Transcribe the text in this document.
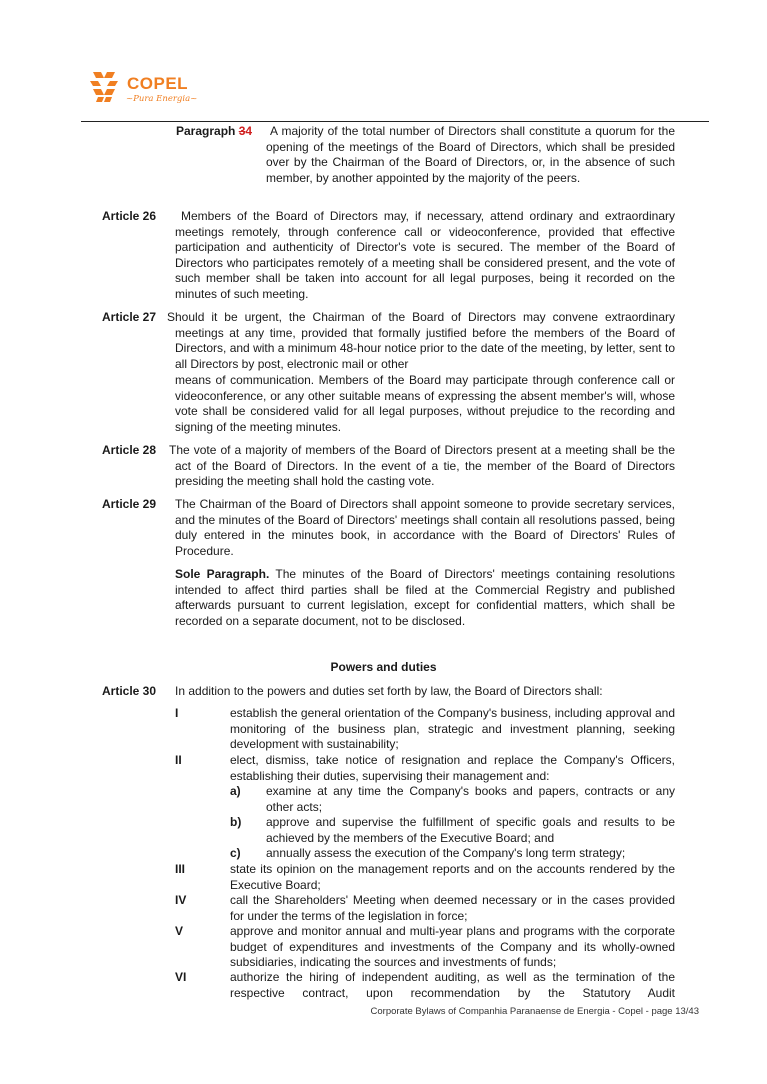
COPEL
~Pura Energia~
Paragraph 34	A majority of the total number of Directors shall constitute a quorum for the opening of the meetings of the Board of Directors, which shall be presided over by the Chairman of the Board of Directors, or, in the absence of such member, by another appointed by the majority of the peers.
Article 26	Members of the Board of Directors may, if necessary, attend ordinary and extraordinary meetings remotely, through conference call or videoconference, provided that effective participation and authenticity of Director's vote is secured. The member of the Board of Directors who participates remotely of a meeting shall be considered present, and the vote of such member shall be taken into account for all legal purposes, being it recorded on the minutes of such meeting.
Article 27 Should it be urgent, the Chairman of the Board of Directors may convene extraordinary meetings at any time, provided that formally justified before the members of the Board of Directors, and with a minimum 48-hour notice prior to the date of the meeting, by letter, sent to all Directors by post, electronic mail or other
means of communication. Members of the Board may participate through conference call or videoconference, or any other suitable means of expressing the absent member's will, whose vote shall be considered valid for all legal purposes, without prejudice to the recording and signing of the meeting minutes.
Article 28 The vote of a majority of members of the Board of Directors present at a meeting shall be the act of the Board of Directors. In the event of a tie, the member of the Board of Directors presiding the meeting shall hold the casting vote.
Article 29 The Chairman of the Board of Directors shall appoint someone to provide secretary services, and the minutes of the Board of Directors' meetings shall contain all resolutions passed, being duly entered in the minutes book, in accordance with the Board of Directors' Rules of Procedure.
Sole Paragraph. The minutes of the Board of Directors' meetings containing resolutions intended to affect third parties shall be filed at the Commercial Registry and published afterwards pursuant to current legislation, except for confidential matters, which shall be recorded on a separate document, not to be disclosed.
Powers and duties
Article 30 In addition to the powers and duties set forth by law, the Board of Directors shall:
I	establish the general orientation of the Company's business, including approval and monitoring of the business plan, strategic and investment planning, seeking development with sustainability;
II	elect, dismiss, take notice of resignation and replace the Company's Officers, establishing their duties, supervising their management and:
a) examine at any time the Company's books and papers, contracts or any other acts;
b) approve and supervise the fulfillment of specific goals and results to be achieved by the members of the Executive Board; and
c) annually assess the execution of the Company's long term strategy;
III	state its opinion on the management reports and on the accounts rendered by the Executive Board;
IV	call the Shareholders' Meeting when deemed necessary or in the cases provided for under the terms of the legislation in force;
V	approve and monitor annual and multi-year plans and programs with the corporate budget of expenditures and investments of the Company and its wholly-owned subsidiaries, indicating the sources and investments of funds;
VI	authorize the hiring of independent auditing, as well as the termination of the respective contract, upon recommendation by the Statutory Audit
Corporate Bylaws of Companhia Paranaense de Energia - Copel - page 13/43
